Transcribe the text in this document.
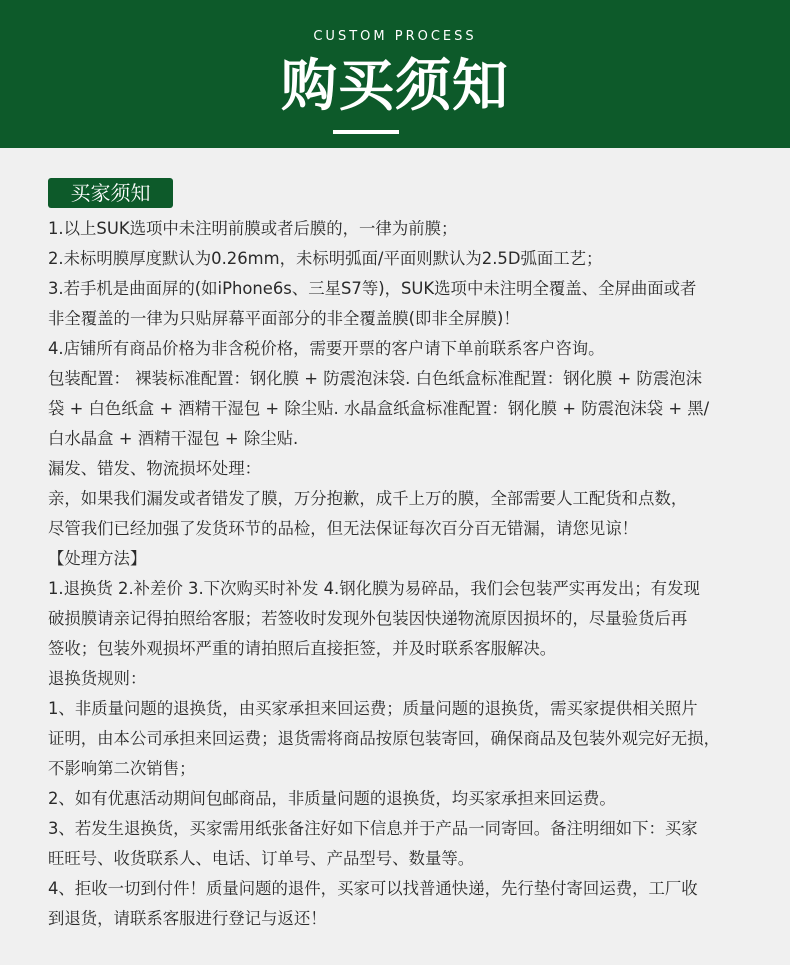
CUSTOM PROCESS
购买须知
买家须知

1.以上SUK选项中未注明前膜或者后膜的，一律为前膜；

2.未标明膜厚度默认为0.26mm，未标明弧面/平面则默认为2.5D弧面工艺；

3.若手机是曲面屏的(如iPhone6s、三星S7等)，SUK选项中未注明全覆盖、全屏曲面或者

非全覆盖的一律为只贴屏幕平面部分的非全覆盖膜(即非全屏膜)！

4.店铺所有商品价格为非含税价格，需要开票的客户请下单前联系客户咨询。

包装配置： 裸装标准配置：钢化膜 + 防震泡沫袋. 白色纸盒标准配置：钢化膜 + 防震泡沫

袋 + 白色纸盒 + 酒精干湿包 + 除尘贴. 水晶盒纸盒标准配置：钢化膜 + 防震泡沫袋 + 黑/

白水晶盒 + 酒精干湿包 + 除尘贴.

漏发、错发、物流损坏处理：

亲，如果我们漏发或者错发了膜，万分抱歉，成千上万的膜，全部需要人工配货和点数，

尽管我们已经加强了发货环节的品检，但无法保证每次百分百无错漏，请您见谅！

【处理方法】

1.退换货 2.补差价 3.下次购买时补发 4.钢化膜为易碎品，我们会包装严实再发出；有发现

破损膜请亲记得拍照给客服；若签收时发现外包装因快递物流原因损坏的，尽量验货后再

签收；包装外观损坏严重的请拍照后直接拒签，并及时联系客服解决。

退换货规则：

1、非质量问题的退换货，由买家承担来回运费；质量问题的退换货，需买家提供相关照片

证明，由本公司承担来回运费；退货需将商品按原包装寄回，确保商品及包装外观完好无损，

不影响第二次销售；

2、如有优惠活动期间包邮商品，非质量问题的退换货，均买家承担来回运费。

3、若发生退换货，买家需用纸张备注好如下信息并于产品一同寄回。备注明细如下：买家

旺旺号、收货联系人、电话、订单号、产品型号、数量等。

4、拒收一切到付件！质量问题的退件，买家可以找普通快递，先行垫付寄回运费，工厂收

到退货，请联系客服进行登记与返还！
